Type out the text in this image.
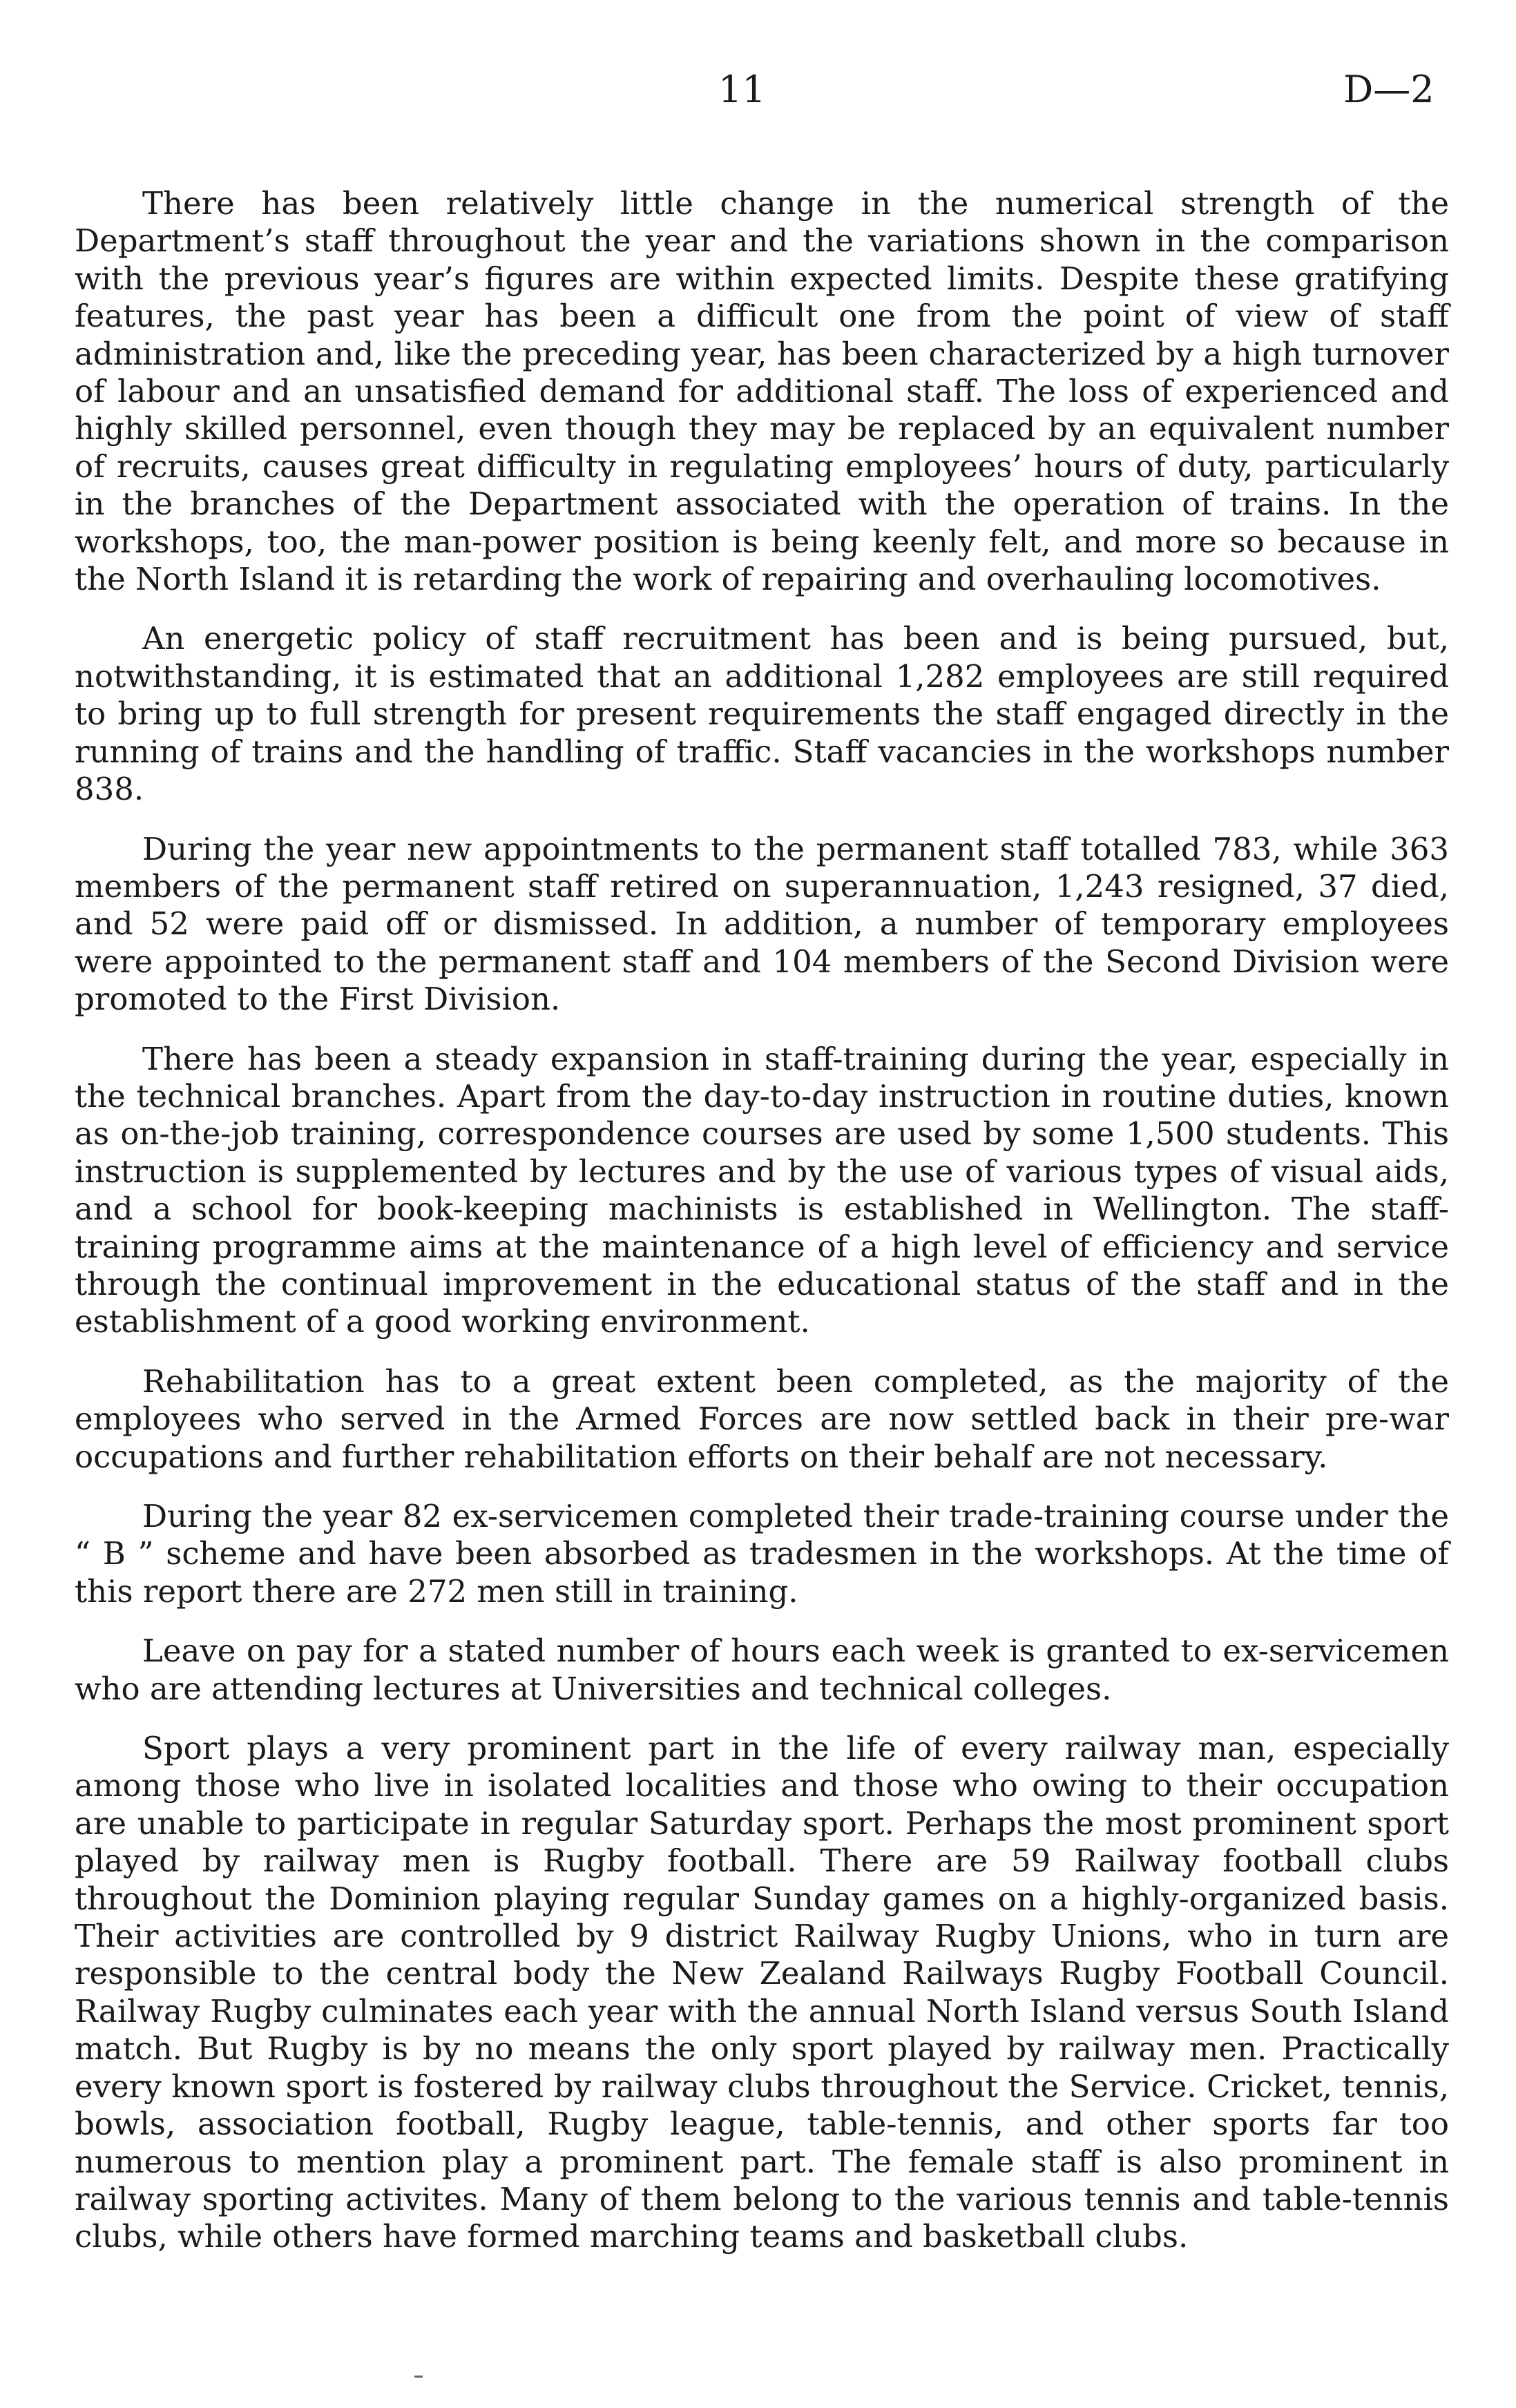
11	D—2

There has been relatively little change in the numerical strength of the Department’s staff throughout the year and the variations shown in the comparison with the previous year’s figures are within expected limits. Despite these gratifying features, the past year has been a difficult one from the point of view of staff administration and, like the preceding year, has been characterized by a high turnover of labour and an unsatisfied demand for additional staff. The loss of experienced and highly skilled personnel, even though they may be replaced by an equivalent number of recruits, causes great difficulty in regulating employees’ hours of duty, particularly in the branches of the Department associated with the operation of trains. In the workshops, too, the man-power position is being keenly felt, and more so because in the North Island it is retarding the work of repairing and overhauling locomotives.

An energetic policy of staff recruitment has been and is being pursued, but, notwithstanding, it is estimated that an additional 1,282 employees are still required to bring up to full strength for present requirements the staff engaged directly in the running of trains and the handling of traffic. Staff vacancies in the workshops number 838.

During the year new appointments to the permanent staff totalled 783, while 363 members of the permanent staff retired on superannuation, 1,243 resigned, 37 died, and 52 were paid off or dismissed. In addition, a number of temporary employees were appointed to the permanent staff and 104 members of the Second Division were promoted to the First Division.

There has been a steady expansion in staff-training during the year, especially in the technical branches. Apart from the day-to-day instruction in routine duties, known as on-the-job training, correspondence courses are used by some 1,500 students. This instruction is supplemented by lectures and by the use of various types of visual aids, and a school for book-keeping machinists is established in Wellington. The staff-training programme aims at the maintenance of a high level of efficiency and service through the continual improvement in the educational status of the staff and in the establishment of a good working environment.

Rehabilitation has to a great extent been completed, as the majority of the employees who served in the Armed Forces are now settled back in their pre-war occupations and further rehabilitation efforts on their behalf are not necessary.

During the year 82 ex-servicemen completed their trade-training course under the “ B ” scheme and have been absorbed as tradesmen in the workshops. At the time of this report there are 272 men still in training.

Leave on pay for a stated number of hours each week is granted to ex-servicemen who are attending lectures at Universities and technical colleges.

Sport plays a very prominent part in the life of every railway man, especially among those who live in isolated localities and those who owing to their occupation are unable to participate in regular Saturday sport. Perhaps the most prominent sport played by railway men is Rugby football. There are 59 Railway football clubs throughout the Dominion playing regular Sunday games on a highly-organized basis. Their activities are controlled by 9 district Railway Rugby Unions, who in turn are responsible to the central body the New Zealand Railways Rugby Football Council. Railway Rugby culminates each year with the annual North Island versus South Island match. But Rugby is by no means the only sport played by railway men. Practically every known sport is fostered by railway clubs throughout the Service. Cricket, tennis, bowls, association football, Rugby league, table-tennis, and other sports far too numerous to mention play a prominent part. The female staff is also prominent in railway sporting activites. Many of them belong to the various tennis and table-tennis clubs, while others have formed marching teams and basketball clubs.
